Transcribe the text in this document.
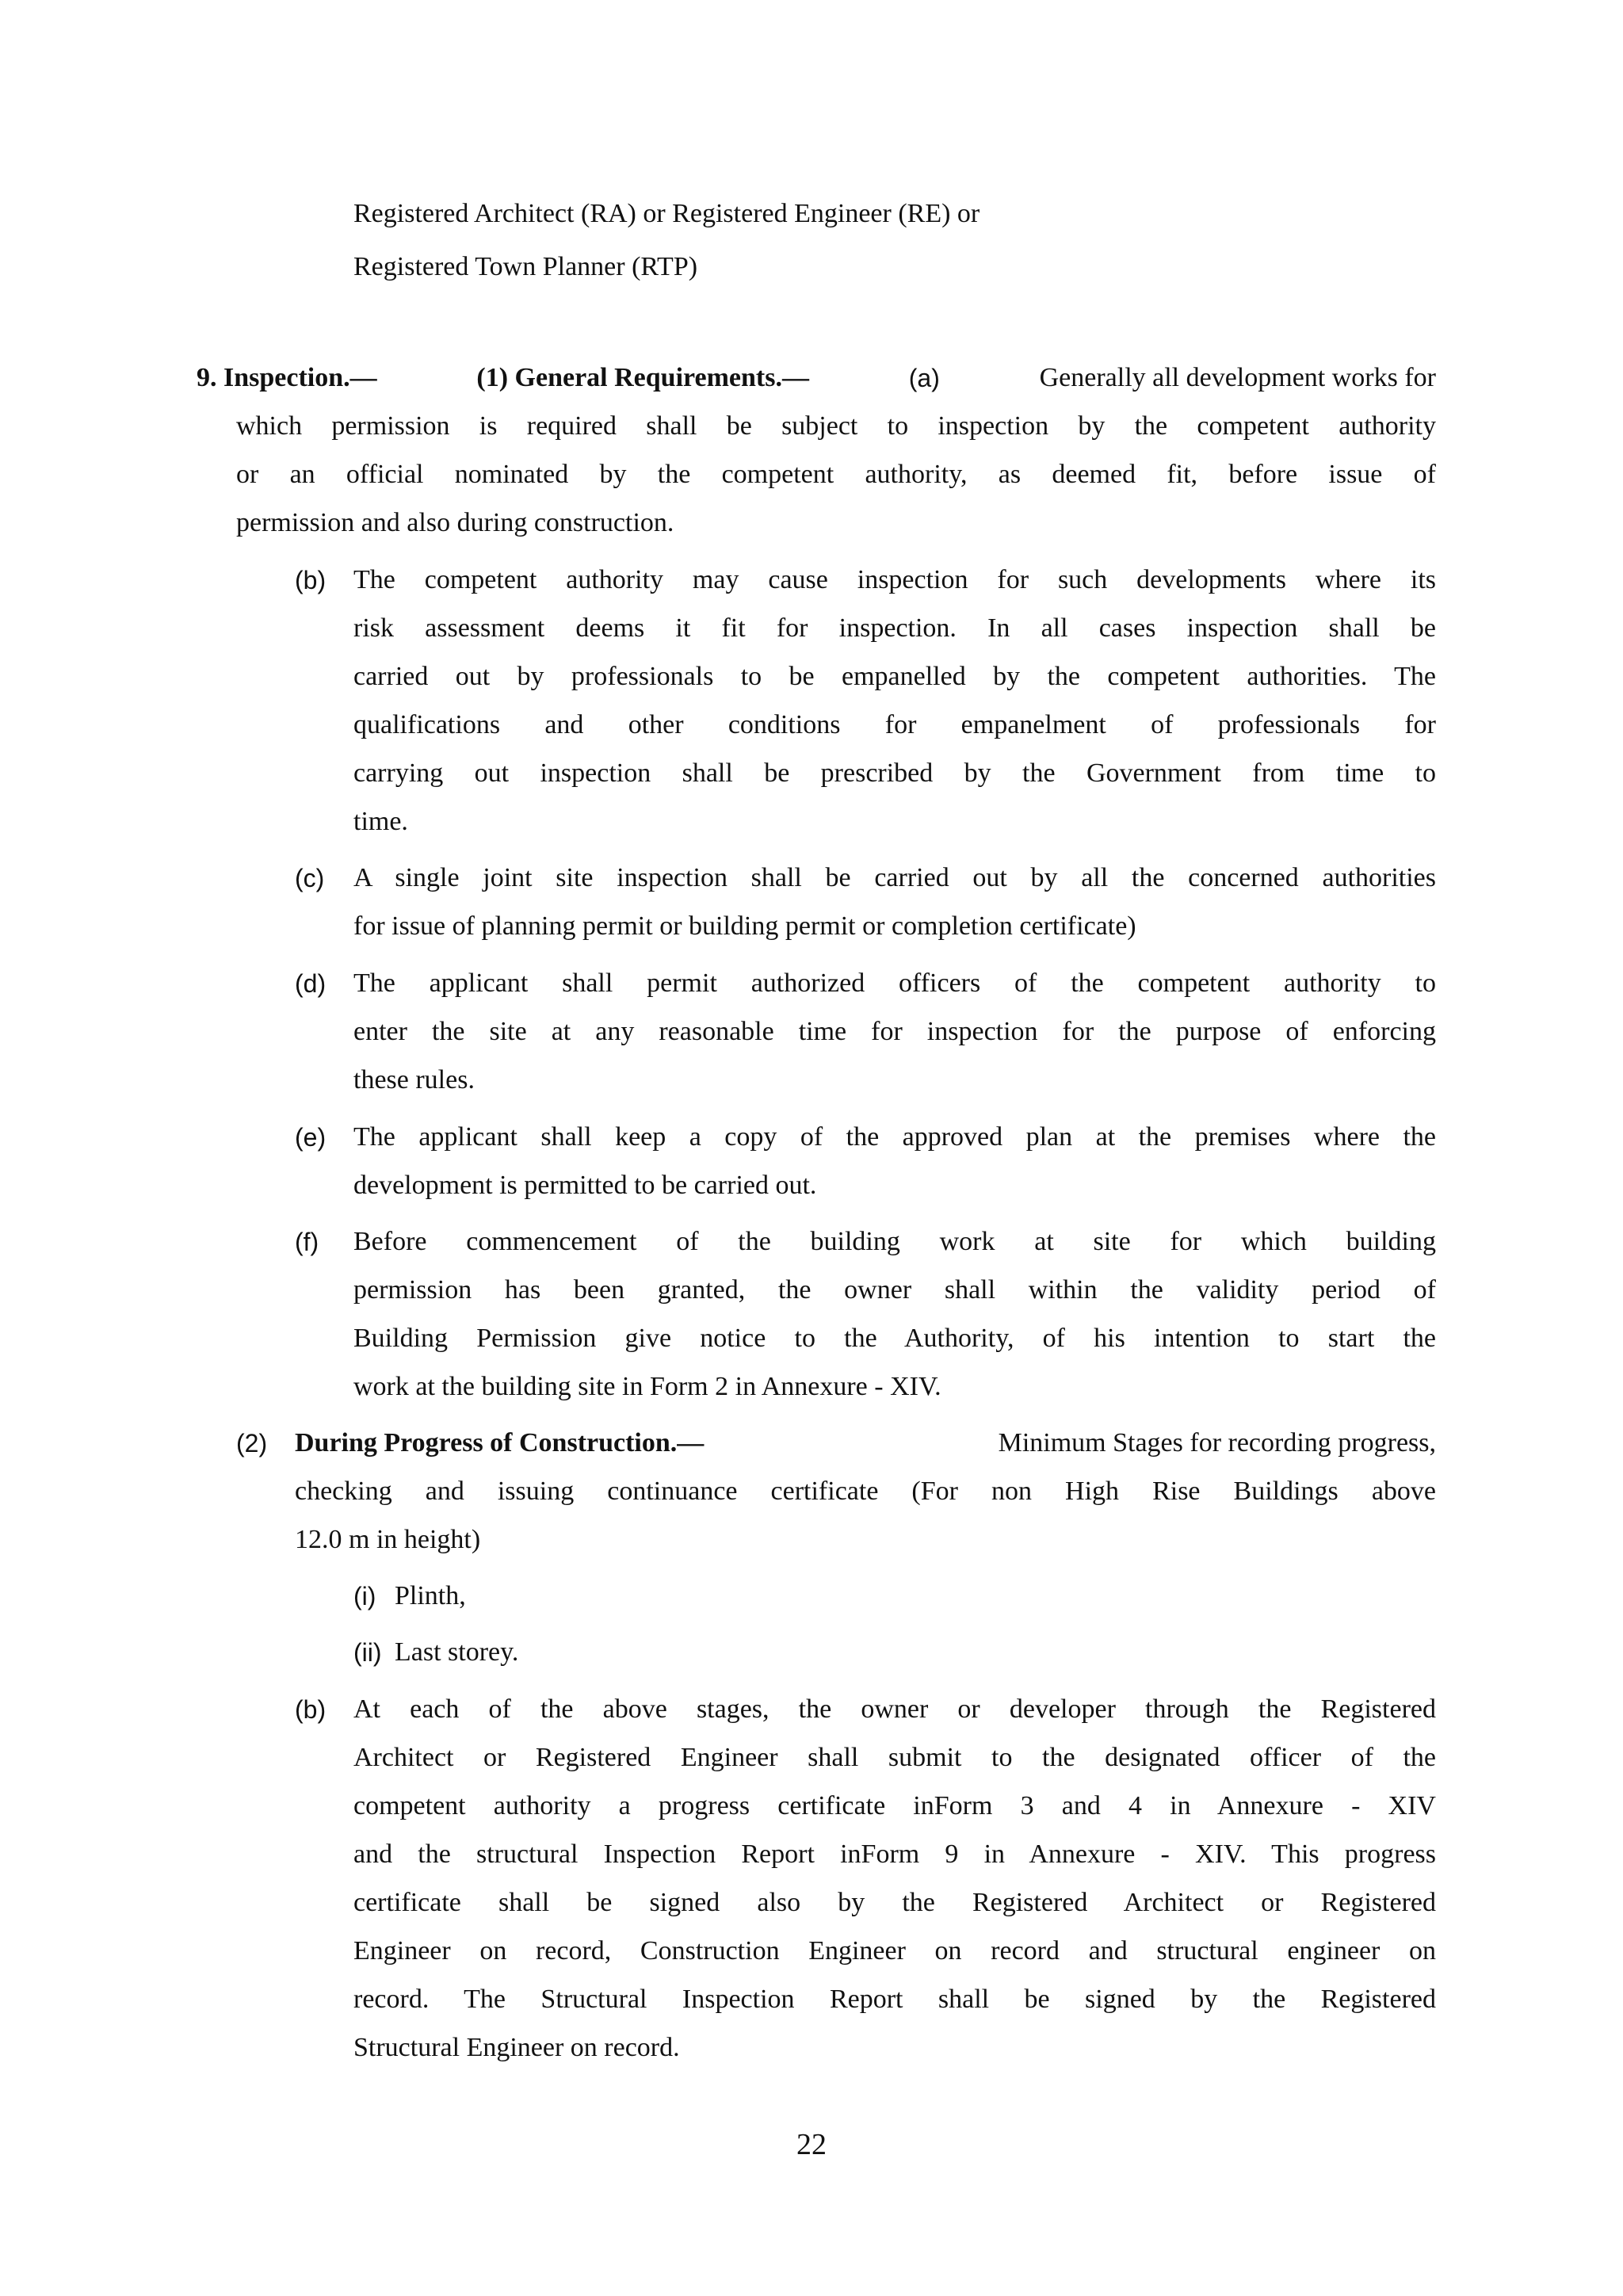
Registered Architect (RA) or Registered Engineer (RE) or
Registered Town Planner (RTP)
9. Inspection.—	(1) General Requirements.—	(a)	Generally all development works for
which permission is required shall be subject to inspection by the competent authority
or an official nominated by the competent authority, as deemed fit, before issue of
permission and also during construction.
(b) The competent authority may cause inspection for such developments where its
risk assessment deems it fit for inspection. In all cases inspection shall be
carried out by professionals to be empanelled by the competent authorities. The
qualifications and other conditions for empanelment of professionals for
carrying out inspection shall be prescribed by the Government from time to
time.
(c) A single joint site inspection shall be carried out by all the concerned authorities
for issue of planning permit or building permit or completion certificate)
(d) The applicant shall permit authorized officers of the competent authority to
enter the site at any reasonable time for inspection for the purpose of enforcing
these rules.
(e) The applicant shall keep a copy of the approved plan at the premises where the
development is permitted to be carried out.
(f) Before commencement of the building work at site for which building
permission has been granted, the owner shall within the validity period of
Building Permission give notice to the Authority, of his intention to start the
work at the building site in Form 2 in Annexure - XIV.
(2) During Progress of Construction.—	Minimum Stages for recording progress,
checking and issuing continuance certificate (For non High Rise Buildings above
12.0 m in height)
(i) Plinth,
(ii) Last storey.
(b) At each of the above stages, the owner or developer through the Registered
Architect or Registered Engineer shall submit to the designated officer of the
competent authority a progress certificate inForm 3 and 4 in Annexure - XIV
and the structural Inspection Report inForm 9 in Annexure - XIV. This progress
certificate shall be signed also by the Registered Architect or Registered
Engineer on record, Construction Engineer on record and structural engineer on
record. The Structural Inspection Report shall be signed by the Registered
Structural Engineer on record.
22
